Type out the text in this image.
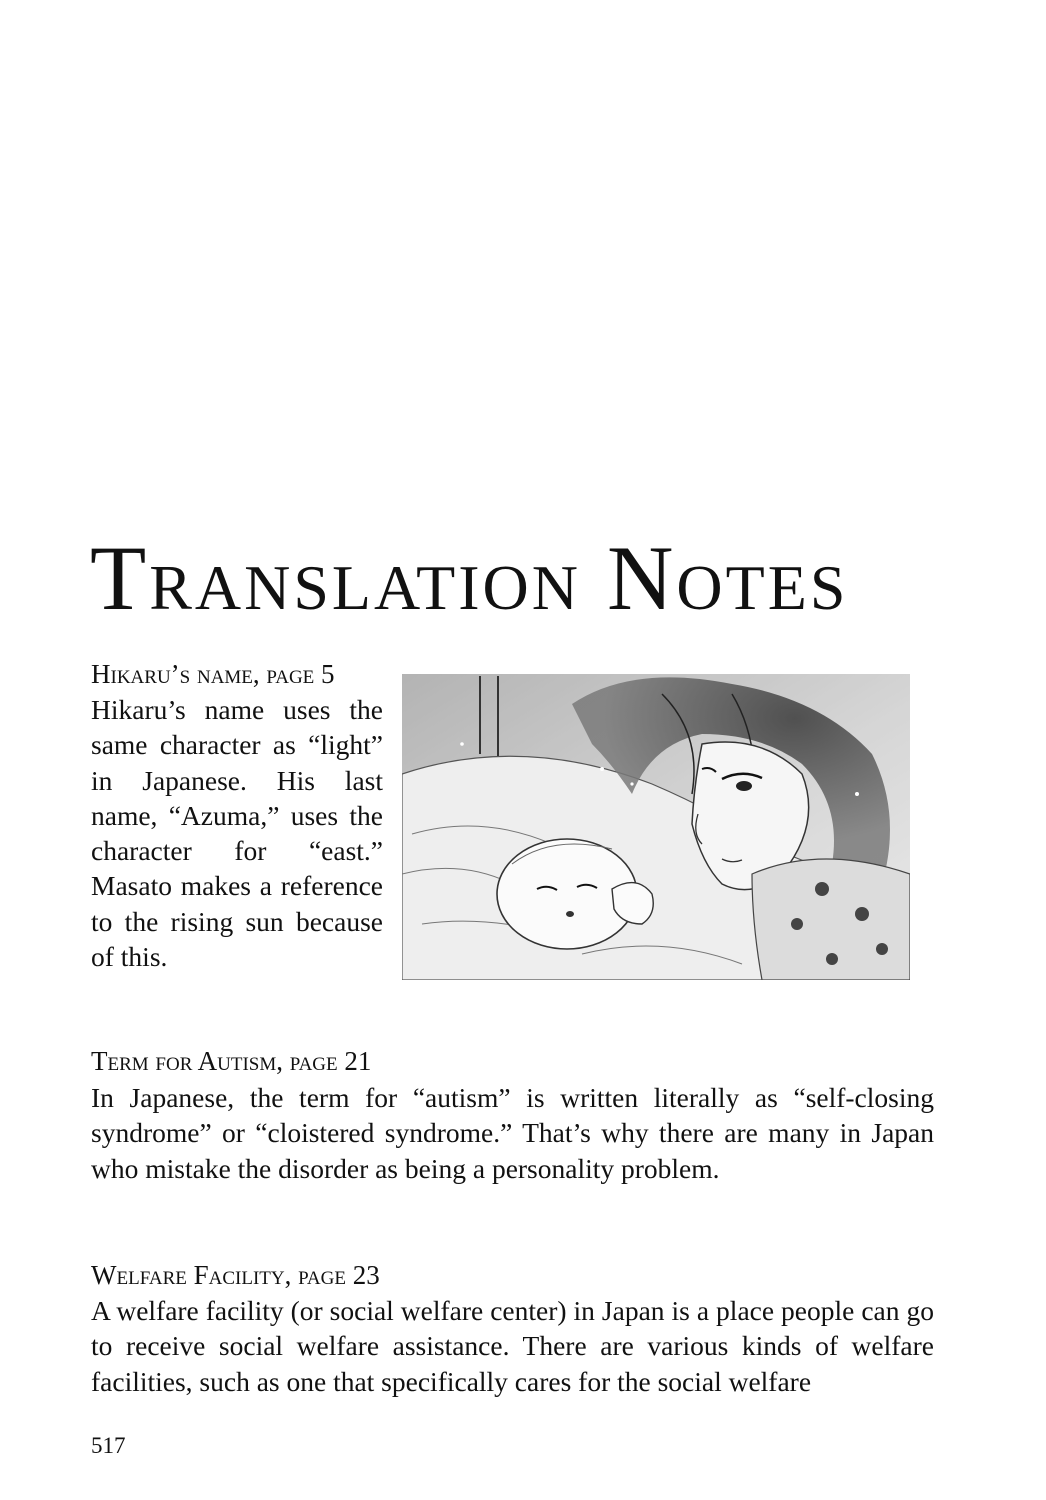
Translation Notes
Hikaru’s name, page 5

Hikaru’s name uses the same character as “light” in Japanese. His last name, “Azuma,” uses the character for “east.” Masato makes a reference to the rising sun because of this.

Term for Autism, page 21

In Japanese, the term for “autism” is written literally as “self-closing syndrome” or “cloistered syndrome.” That’s why there are many in Japan who mistake the disorder as being a personality problem.

Welfare Facility, page 23

A welfare facility (or social welfare center) in Japan is a place people can go to receive social welfare assistance. There are various kinds of welfare facilities, such as one that specifically cares for the social welfare

517
